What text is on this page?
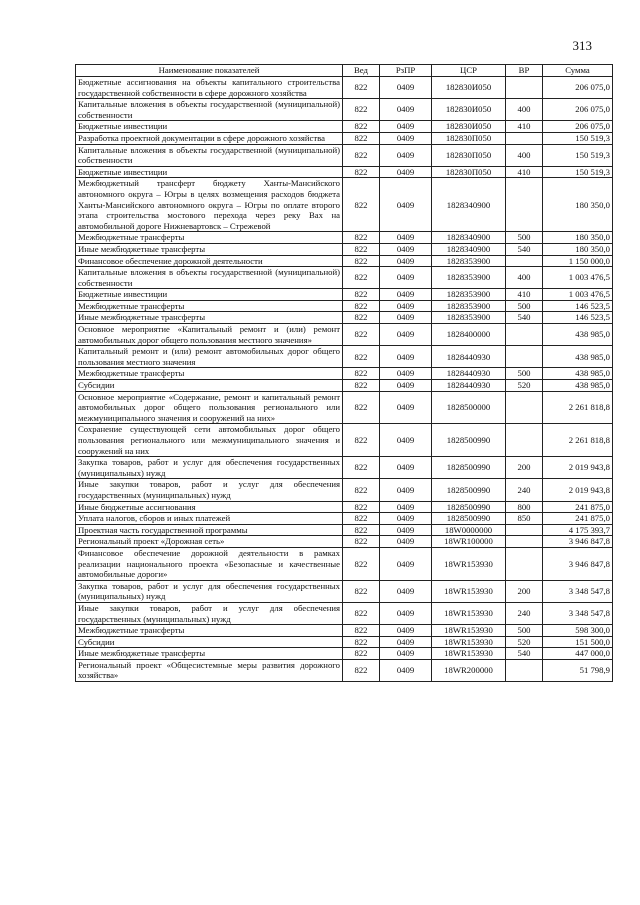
313
Наименование показателей	Вед	РзПР	ЦСР	ВР	Сумма
Бюджетные ассигнования на объекты капитального строительства государственной собственности в сфере дорожного хозяйства	822	0409	182830И050		206 075,0
Капитальные вложения в объекты государственной (муниципальной) собственности	822	0409	182830И050	400	206 075,0
Бюджетные инвестиции	822	0409	182830И050	410	206 075,0
Разработка проектной документации в сфере дорожного хозяйства	822	0409	182830П050		150 519,3
Капитальные вложения в объекты государственной (муниципальной) собственности	822	0409	182830П050	400	150 519,3
Бюджетные инвестиции	822	0409	182830П050	410	150 519,3
Межбюджетный трансферт бюджету Ханты-Мансийского автономного округа – Югры в целях возмещения расходов бюджета Ханты-Мансийского автономного округа – Югры по оплате второго этапа строительства мостового перехода через реку Вах на автомобильной дороге Нижневартовск – Стрежевой	822	0409	1828340900		180 350,0
Межбюджетные трансферты	822	0409	1828340900	500	180 350,0
Иные межбюджетные трансферты	822	0409	1828340900	540	180 350,0
Финансовое обеспечение дорожной деятельности	822	0409	1828353900		1 150 000,0
Капитальные вложения в объекты государственной (муниципальной) собственности	822	0409	1828353900	400	1 003 476,5
Бюджетные инвестиции	822	0409	1828353900	410	1 003 476,5
Межбюджетные трансферты	822	0409	1828353900	500	146 523,5
Иные межбюджетные трансферты	822	0409	1828353900	540	146 523,5
Основное мероприятие «Капитальный ремонт и (или) ремонт автомобильных дорог общего пользования местного значения»	822	0409	1828400000		438 985,0
Капитальный ремонт и (или) ремонт автомобильных дорог общего пользования местного значения	822	0409	1828440930		438 985,0
Межбюджетные трансферты	822	0409	1828440930	500	438 985,0
Субсидии	822	0409	1828440930	520	438 985,0
Основное мероприятие «Содержание, ремонт и капитальный ремонт автомобильных дорог общего пользования регионального или межмуниципального значения и сооружений на них»	822	0409	1828500000		2 261 818,8
Сохранение существующей сети автомобильных дорог общего пользования регионального или межмуниципального значения и сооружений на них	822	0409	1828500990		2 261 818,8
Закупка товаров, работ и услуг для обеспечения государственных (муниципальных) нужд	822	0409	1828500990	200	2 019 943,8
Иные закупки товаров, работ и услуг для обеспечения государственных (муниципальных) нужд	822	0409	1828500990	240	2 019 943,8
Иные бюджетные ассигнования	822	0409	1828500990	800	241 875,0
Уплата налогов, сборов и иных платежей	822	0409	1828500990	850	241 875,0
Проектная часть государственной программы	822	0409	18W0000000		4 175 393,7
Региональный проект «Дорожная сеть»	822	0409	18WR100000		3 946 847,8
Финансовое обеспечение дорожной деятельности в рамках реализации национального проекта «Безопасные и качественные автомобильные дороги»	822	0409	18WR153930		3 946 847,8
Закупка товаров, работ и услуг для обеспечения государственных (муниципальных) нужд	822	0409	18WR153930	200	3 348 547,8
Иные закупки товаров, работ и услуг для обеспечения государственных (муниципальных) нужд	822	0409	18WR153930	240	3 348 547,8
Межбюджетные трансферты	822	0409	18WR153930	500	598 300,0
Субсидии	822	0409	18WR153930	520	151 500,0
Иные межбюджетные трансферты	822	0409	18WR153930	540	447 000,0
Региональный проект «Общесистемные меры развития дорожного хозяйства»	822	0409	18WR200000		51 798,9
